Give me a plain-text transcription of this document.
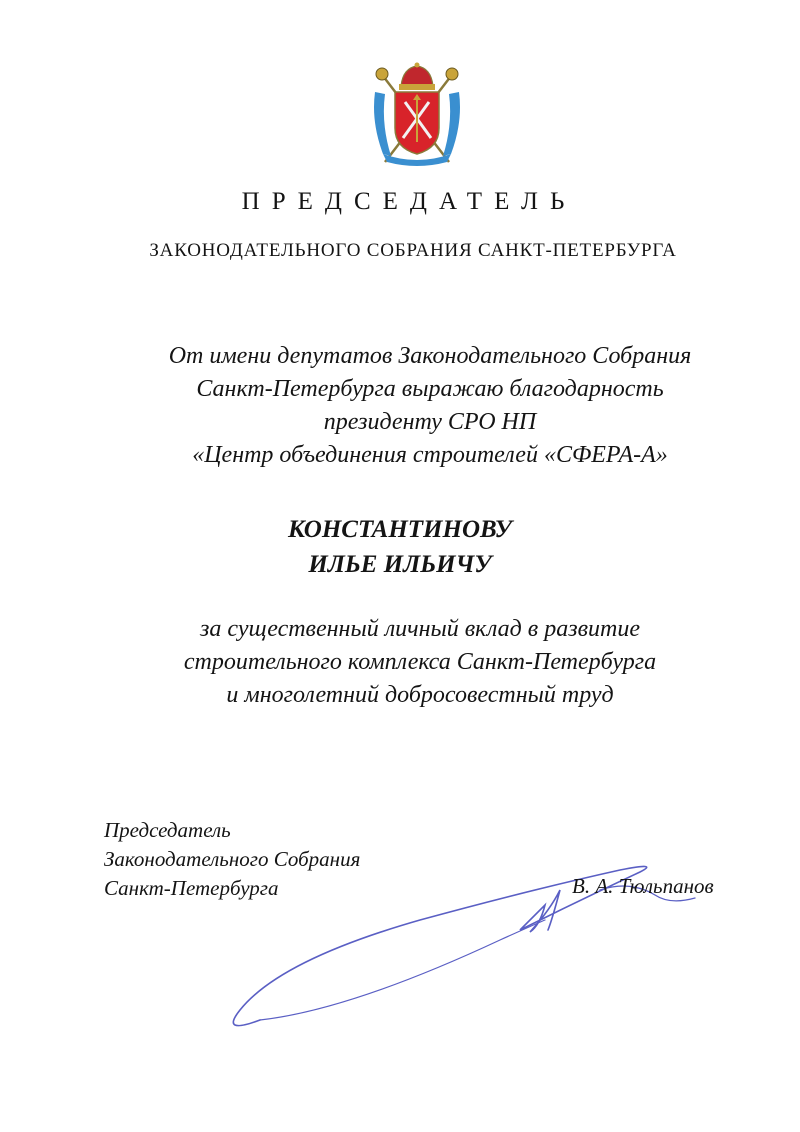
ПРЕДСЕДАТЕЛЬ
ЗАКОНОДАТЕЛЬНОГО СОБРАНИЯ САНКТ-ПЕТЕРБУРГА
От имени депутатов Законодательного Собрания
Санкт-Петербурга выражаю благодарность
президенту СРО НП
«Центр объединения строителей «СФЕРА-А»
КОНСТАНТИНОВУ
ИЛЬЕ ИЛЬИЧУ
за существенный личный вклад в развитие
строительного комплекса Санкт-Петербурга
и многолетний добросовестный труд
Председатель
Законодательного Собрания
Санкт-Петербурга	В. А. Тюльпанов
